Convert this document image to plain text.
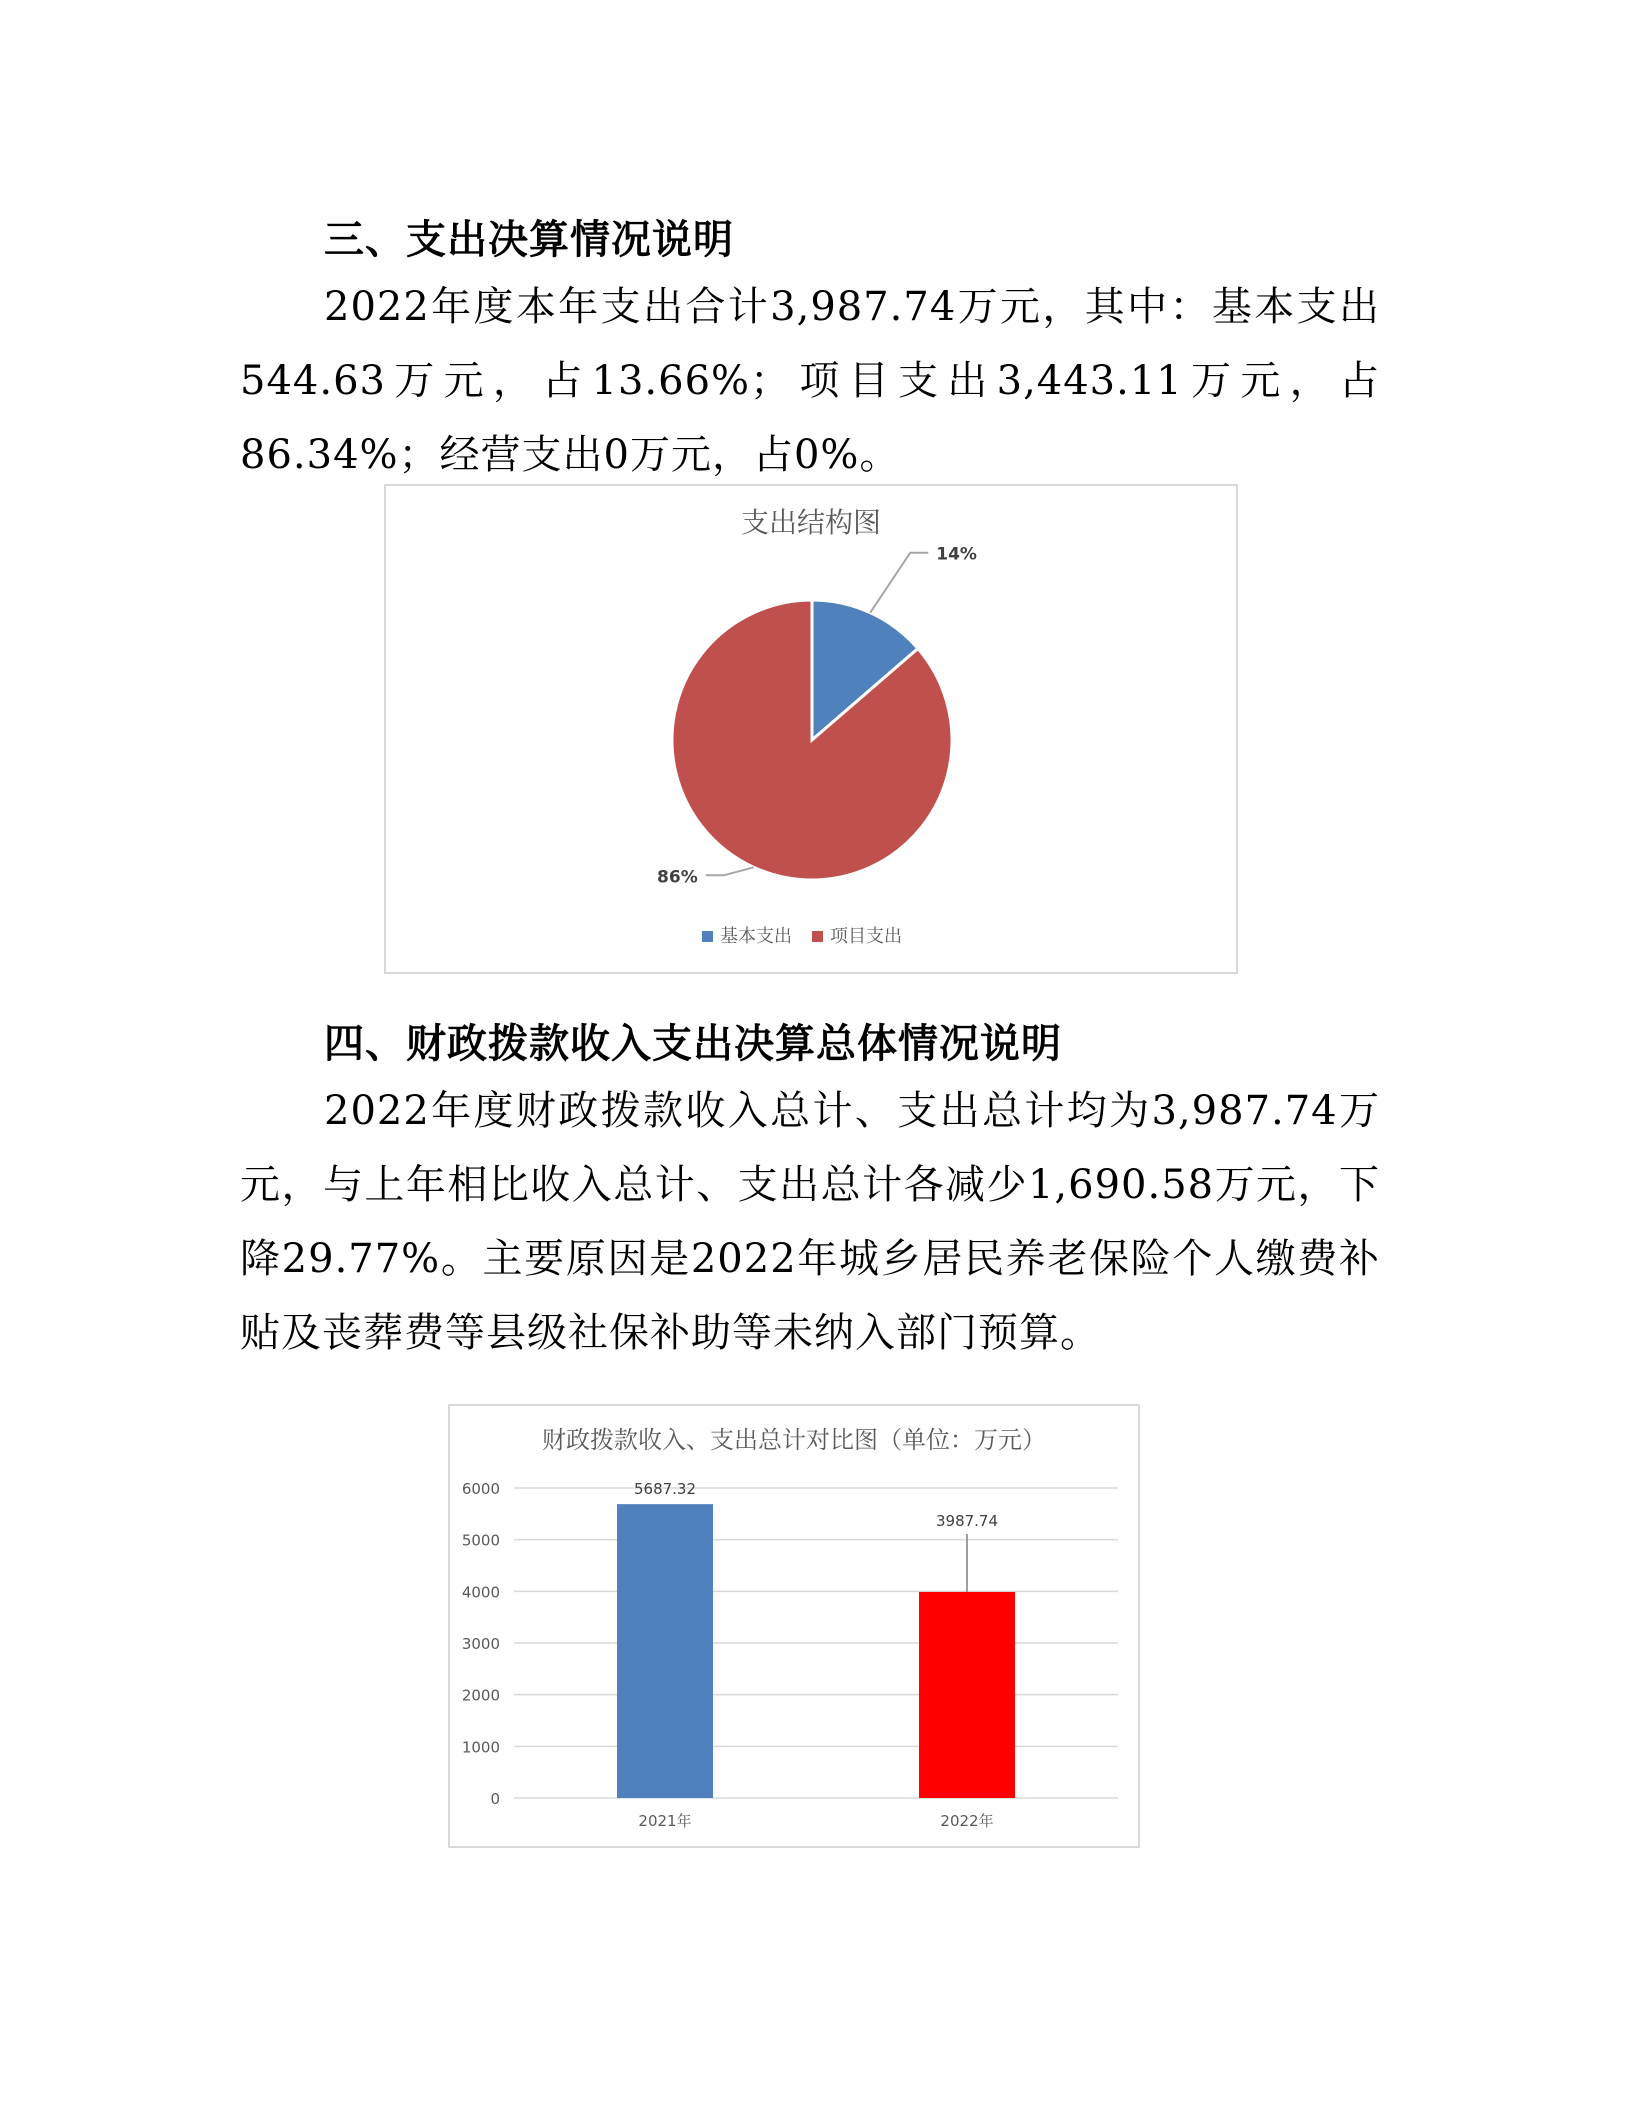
三、支出决算情况说明

2022年度本年支出合计3,987.74万元，其中：基本支出544.63万元，占13.66%；项目支出3,443.11万元，占86.34%；经营支出0万元，占0%。

支出结构图
14%
86%
基本支出 项目支出
四、财政拨款收入支出决算总体情况说明

2022年度财政拨款收入总计、支出总计均为3,987.74万元，与上年相比收入总计、支出总计各减少1,690.58万元，下降29.77%。主要原因是2022年城乡居民养老保险个人缴费补贴及丧葬费等县级社保补助等未纳入部门预算。

财政拨款收入、支出总计对比图（单位：万元）
0
1000
2000
3000
4000
5000
6000	5687.32
3987.74
2021年	2022年
